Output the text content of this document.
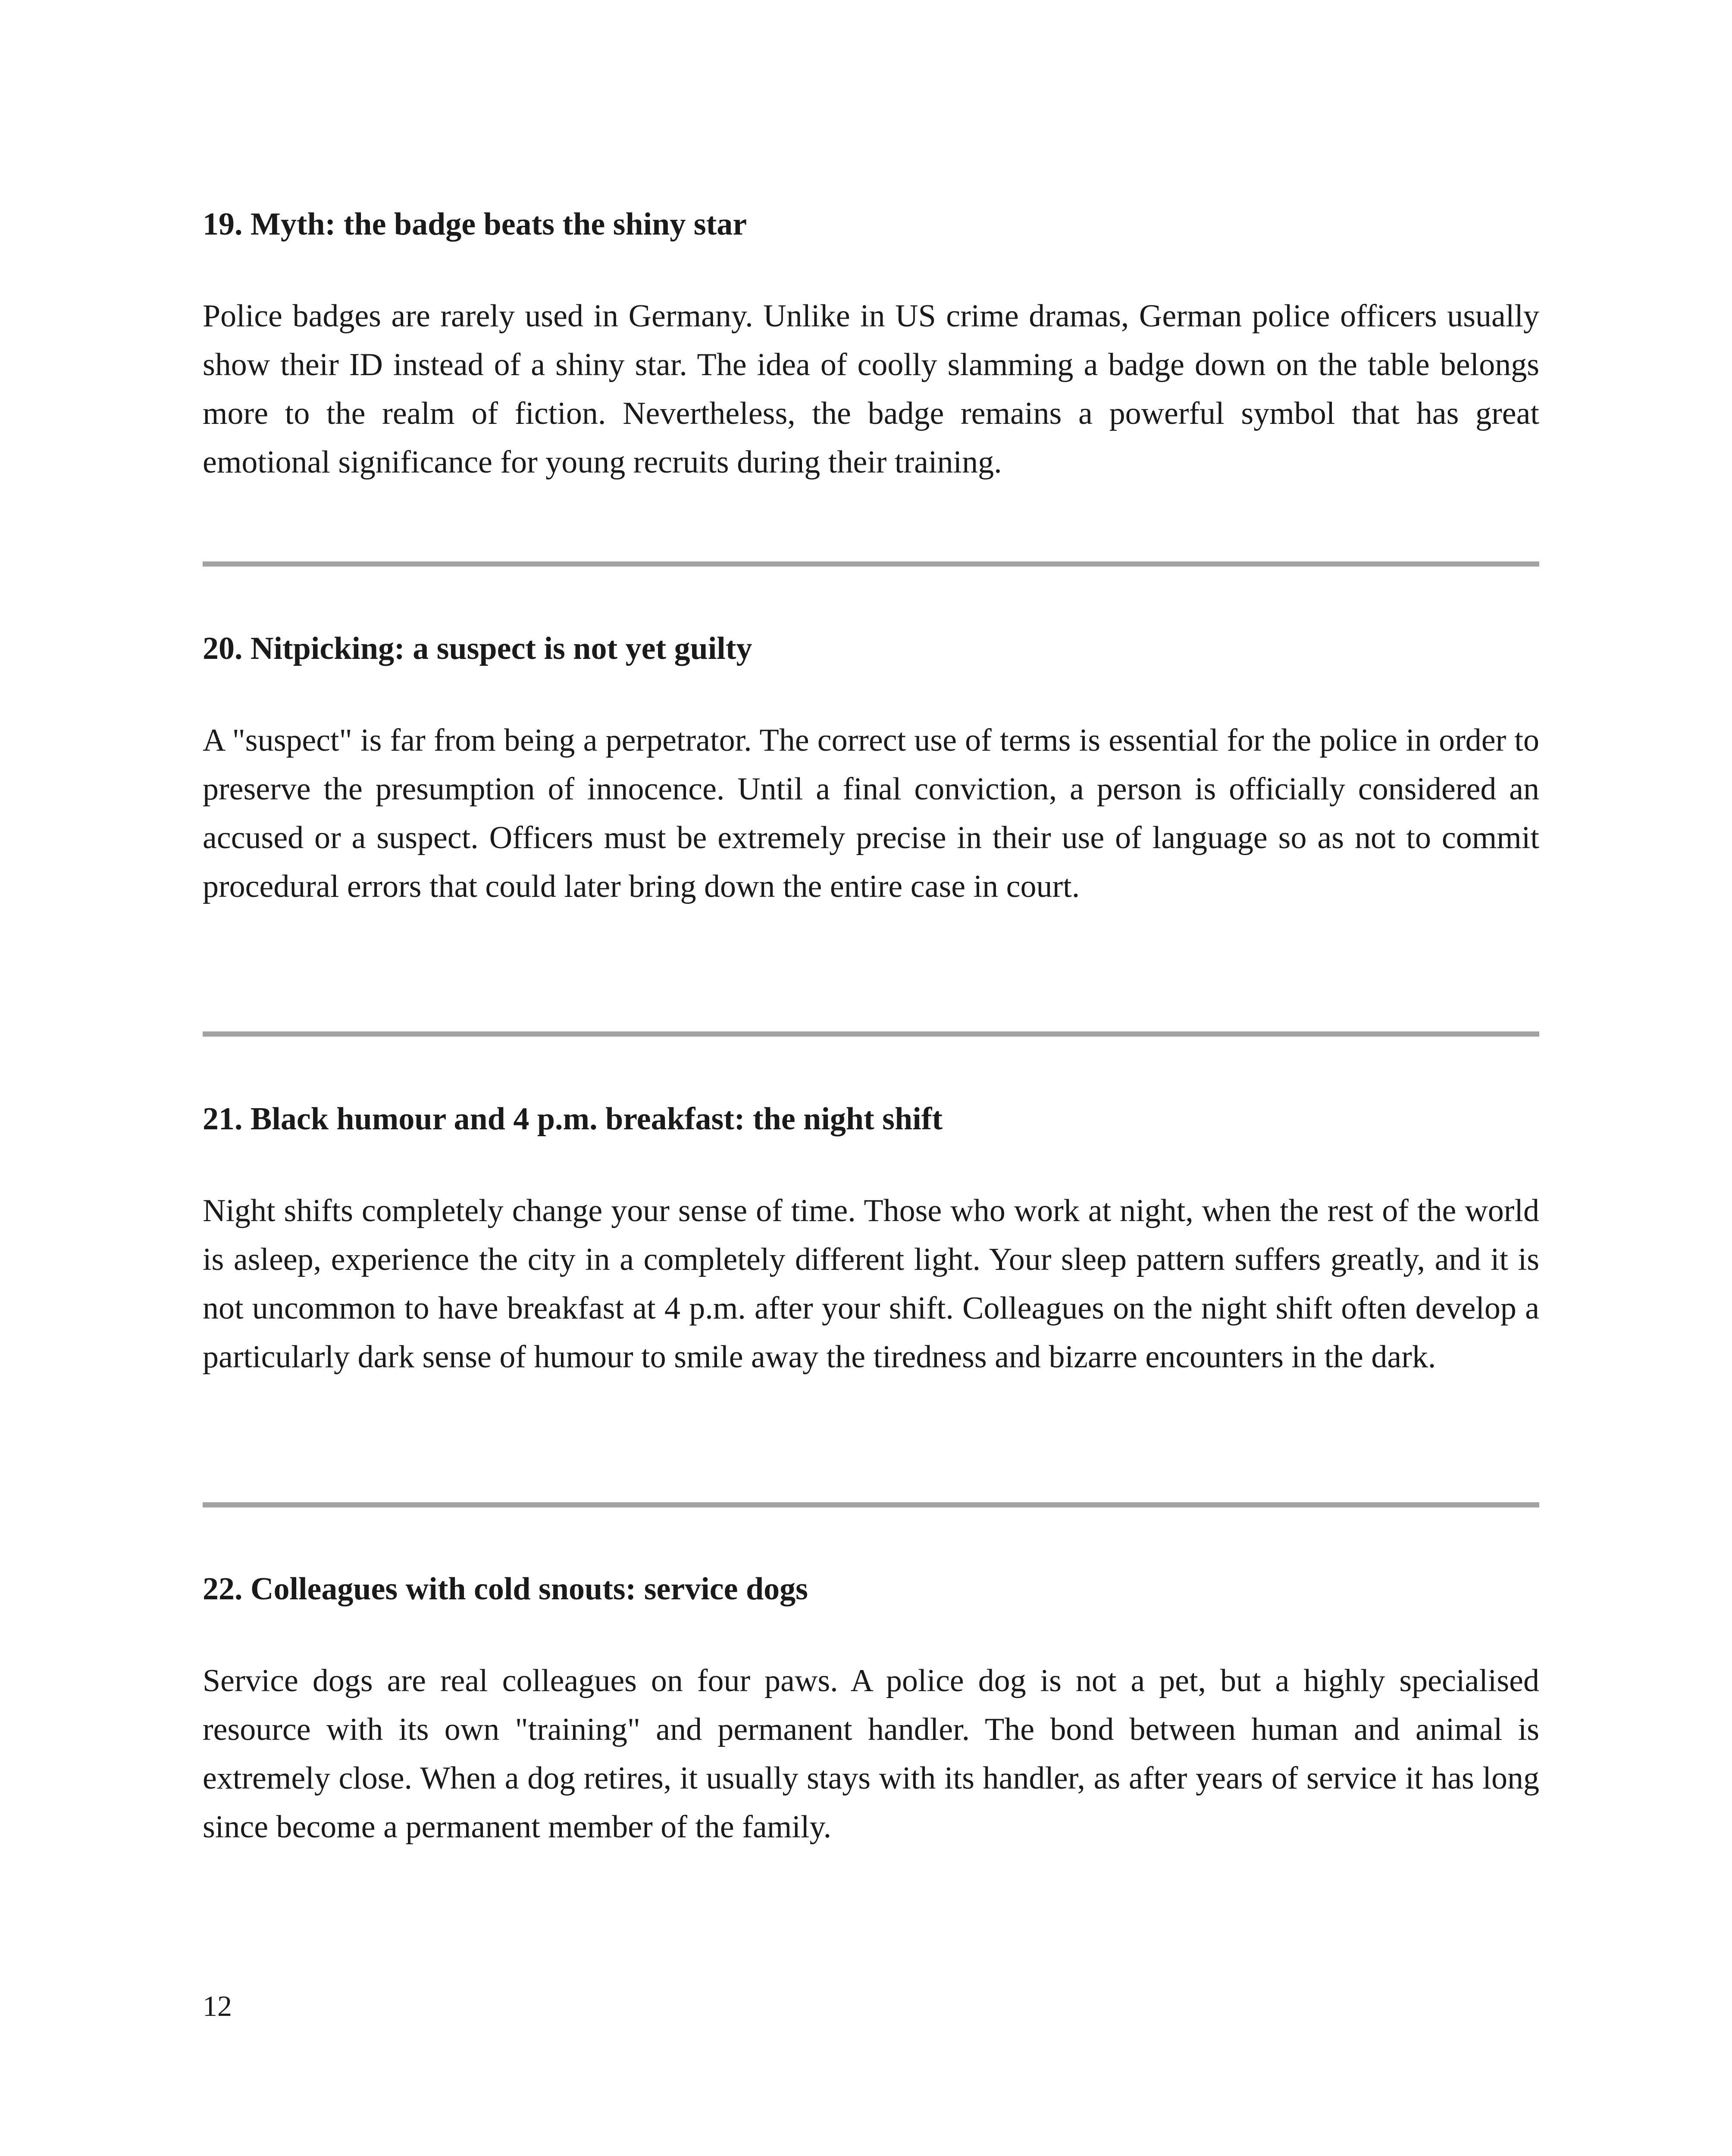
19. Myth: the badge beats the shiny star

Police badges are rarely used in Germany. Unlike in US crime dramas, German police officers usually show their ID instead of a shiny star. The idea of coolly slamming a badge down on the table belongs more to the realm of fiction. Nevertheless, the badge remains a powerful symbol that has great emotional significance for young recruits during their training.

20. Nitpicking: a suspect is not yet guilty

A "suspect" is far from being a perpetrator. The correct use of terms is essential for the police in order to preserve the presumption of innocence. Until a final conviction, a person is officially considered an accused or a suspect. Officers must be extremely precise in their use of language so as not to commit procedural errors that could later bring down the entire case in court.

21. Black humour and 4 p.m. breakfast: the night shift

Night shifts completely change your sense of time. Those who work at night, when the rest of the world is asleep, experience the city in a completely different light. Your sleep pattern suffers greatly, and it is not uncommon to have breakfast at 4 p.m. after your shift. Colleagues on the night shift often develop a particularly dark sense of humour to smile away the tiredness and bizarre encounters in the dark.

22. Colleagues with cold snouts: service dogs

Service dogs are real colleagues on four paws. A police dog is not a pet, but a highly specialised resource with its own "training" and permanent handler. The bond between human and animal is extremely close. When a dog retires, it usually stays with its handler, as after years of service it has long since become a permanent member of the family.

12
